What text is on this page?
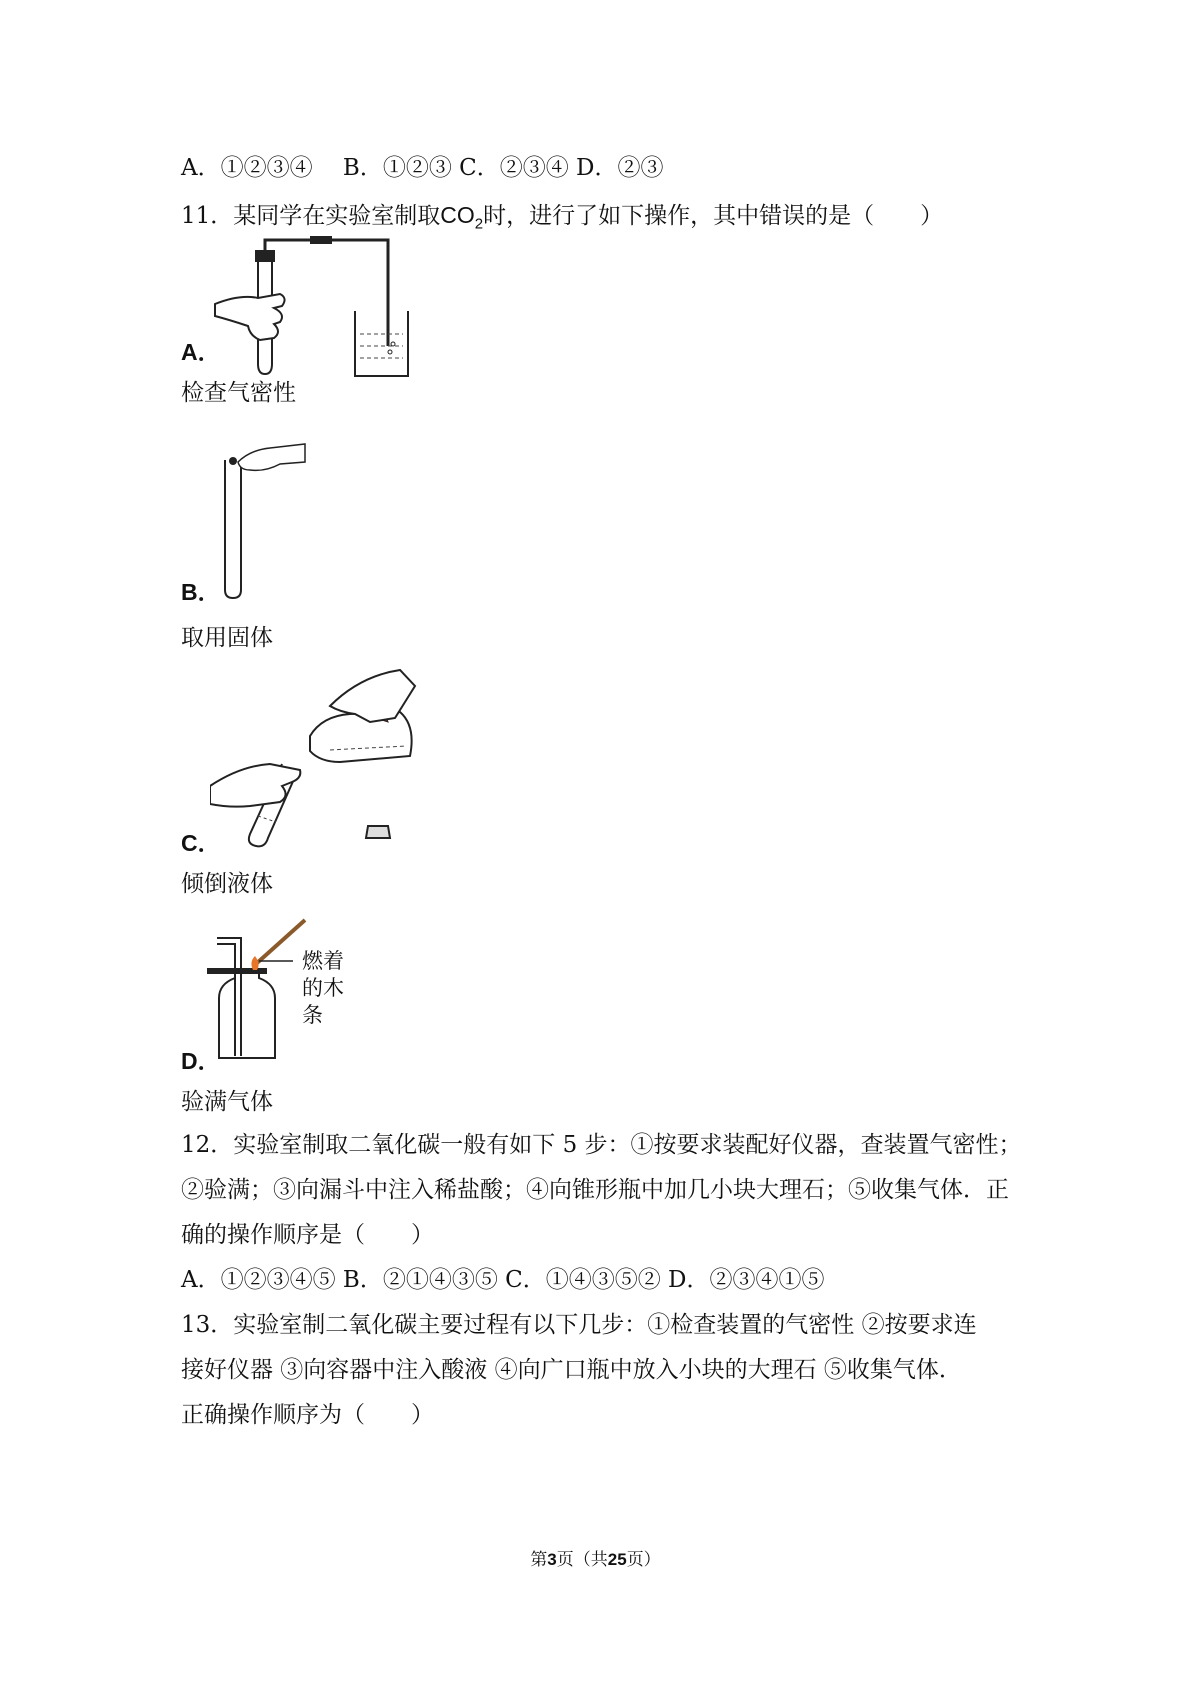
A．①②③④　 B．①②③ C．②③④ D．②③
11．某同学在实验室制取$CO_2$时，进行了如下操作，其中错误的是（　　）
A．
检查气密性
B．
取用固体
C．
倾倒液体
燃着
的木
条
D．
验满气体
12．实验室制取二氧化碳一般有如下 5 步：①按要求装配好仪器，查装置气密性；
②验满；③向漏斗中注入稀盐酸；④向锥形瓶中加几小块大理石；⑤收集气体．正
确的操作顺序是（　　）
A．①②③④⑤ B．②①④③⑤ C．①④③⑤② D．②③④①⑤
13．实验室制二氧化碳主要过程有以下几步：①检查装置的气密性 ②按要求连
接好仪器 ③向容器中注入酸液 ④向广口瓶中放入小块的大理石 ⑤收集气体．
正确操作顺序为（　　）
第3页（共25页）
